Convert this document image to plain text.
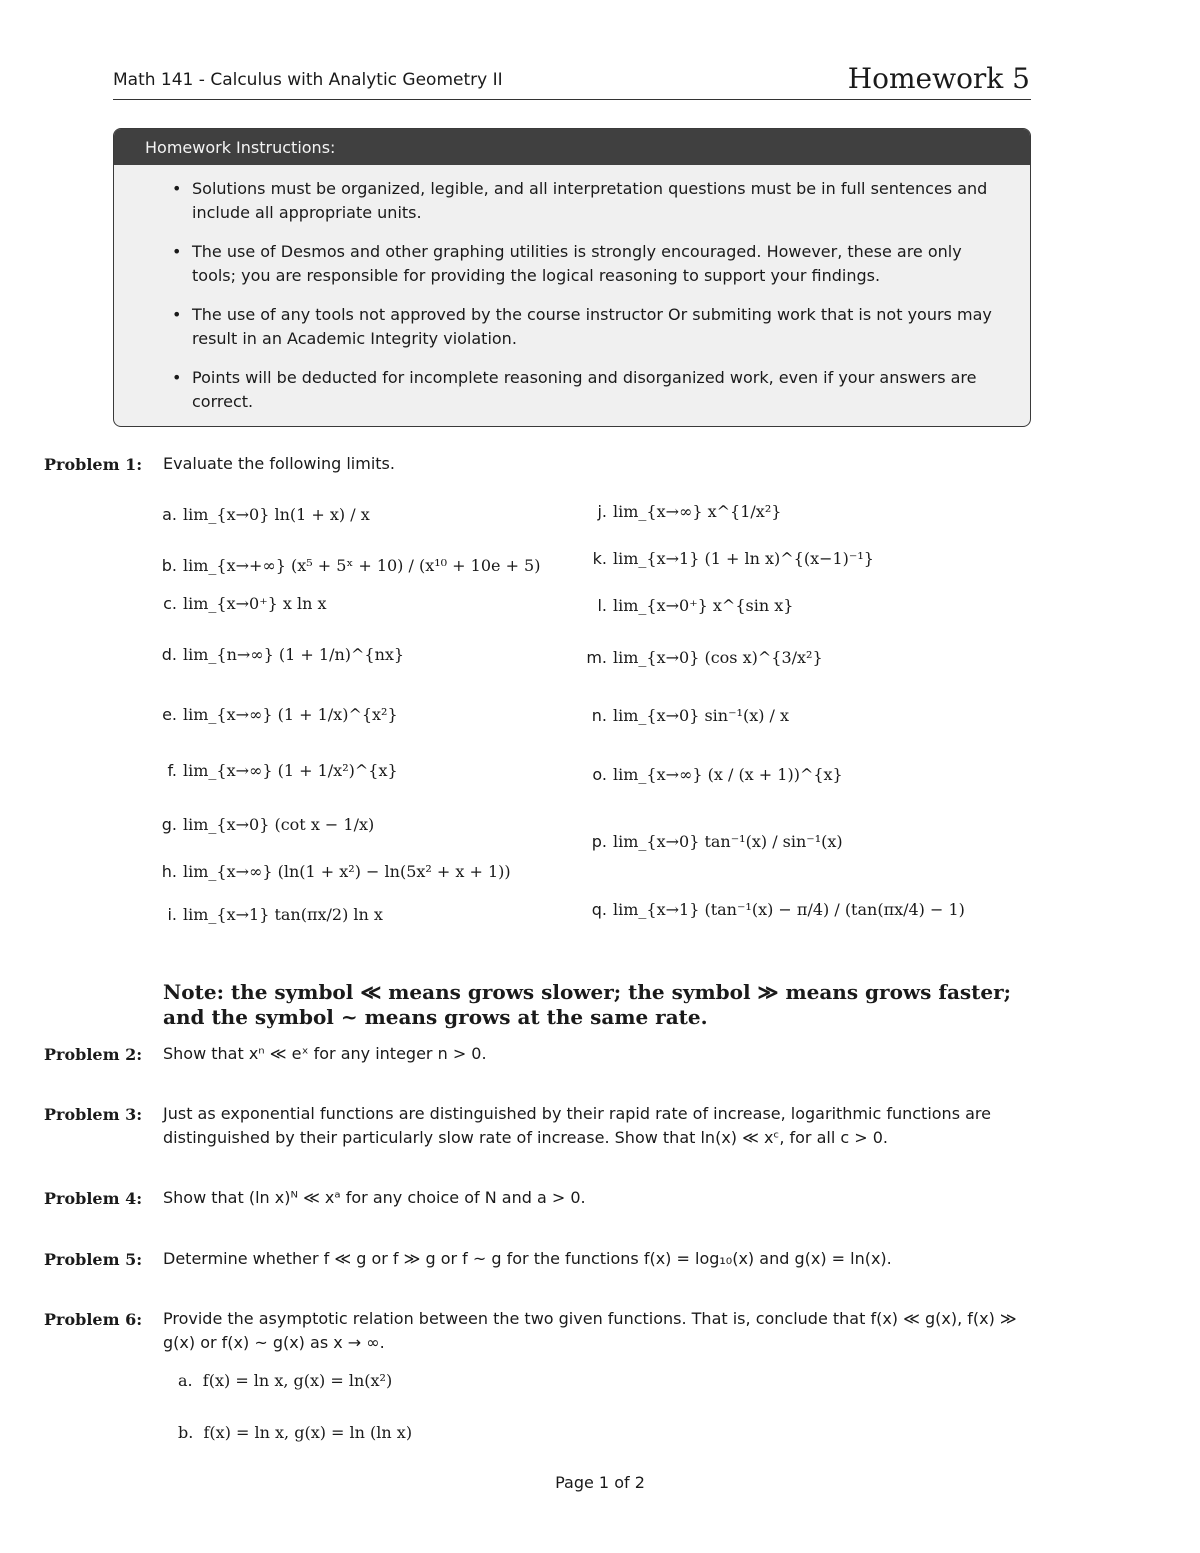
Math 141 - Calculus with Analytic Geometry II	Homework 5
Homework Instructions:
• Solutions must be organized, legible, and all interpretation questions must be in full sentences and include all appropriate units.
• The use of Desmos and other graphing utilities is strongly encouraged. However, these are only tools; you are responsible for providing the logical reasoning to support your findings.
• The use of any tools not approved by the course instructor Or submiting work that is not yours may result in an Academic Integrity violation.
• Points will be deducted for incomplete reasoning and disorganized work, even if your answers are correct.
Problem 1: Evaluate the following limits.
a. lim_{x→0} ln(1 + x) / x
b. lim_{x→+∞} (x⁵ + 5ˣ + 10) / (x¹⁰ + 10e + 5)
c. lim_{x→0⁺} x ln x
d. lim_{n→∞} (1 + 1/n)^{nx}
e. lim_{x→∞} (1 + 1/x)^{x²}
f. lim_{x→∞} (1 + 1/x²)^{x}
g. lim_{x→0} (cot x − 1/x)
h. lim_{x→∞} (ln(1 + x²) − ln(5x² + x + 1))
i. lim_{x→1} tan(πx/2) ln x
j. lim_{x→∞} x^{1/x²}
k. lim_{x→1} (1 + ln x)^{(x−1)⁻¹}
l. lim_{x→0⁺} x^{sin x}
m. lim_{x→0} (cos x)^{3/x²}
n. lim_{x→0} sin⁻¹(x) / x
o. lim_{x→∞} (x / (x + 1))^{x}
p. lim_{x→0} tan⁻¹(x) / sin⁻¹(x)
q. lim_{x→1} (tan⁻¹(x) − π/4) / (tan(πx/4) − 1)
Note: the symbol ≪ means grows slower; the symbol ≫ means grows faster; and the symbol ~ means grows at the same rate.
Problem 2: Show that xⁿ ≪ eˣ for any integer n > 0.
Problem 3: Just as exponential functions are distinguished by their rapid rate of increase, logarithmic functions are distinguished by their particularly slow rate of increase. Show that ln(x) ≪ xᶜ, for all c > 0.
Problem 4: Show that (ln x)ᴺ ≪ xᵃ for any choice of N and a > 0.
Problem 5: Determine whether f ≪ g or f ≫ g or f ~ g for the functions f(x) = log₁₀(x) and g(x) = ln(x).
Problem 6: Provide the asymptotic relation between the two given functions. That is, conclude that f(x) ≪ g(x), f(x) ≫ g(x) or f(x) ~ g(x) as x → ∞.
a. f(x) = ln x, g(x) = ln(x²)
b. f(x) = ln x, g(x) = ln (ln x)
Page 1 of 2
